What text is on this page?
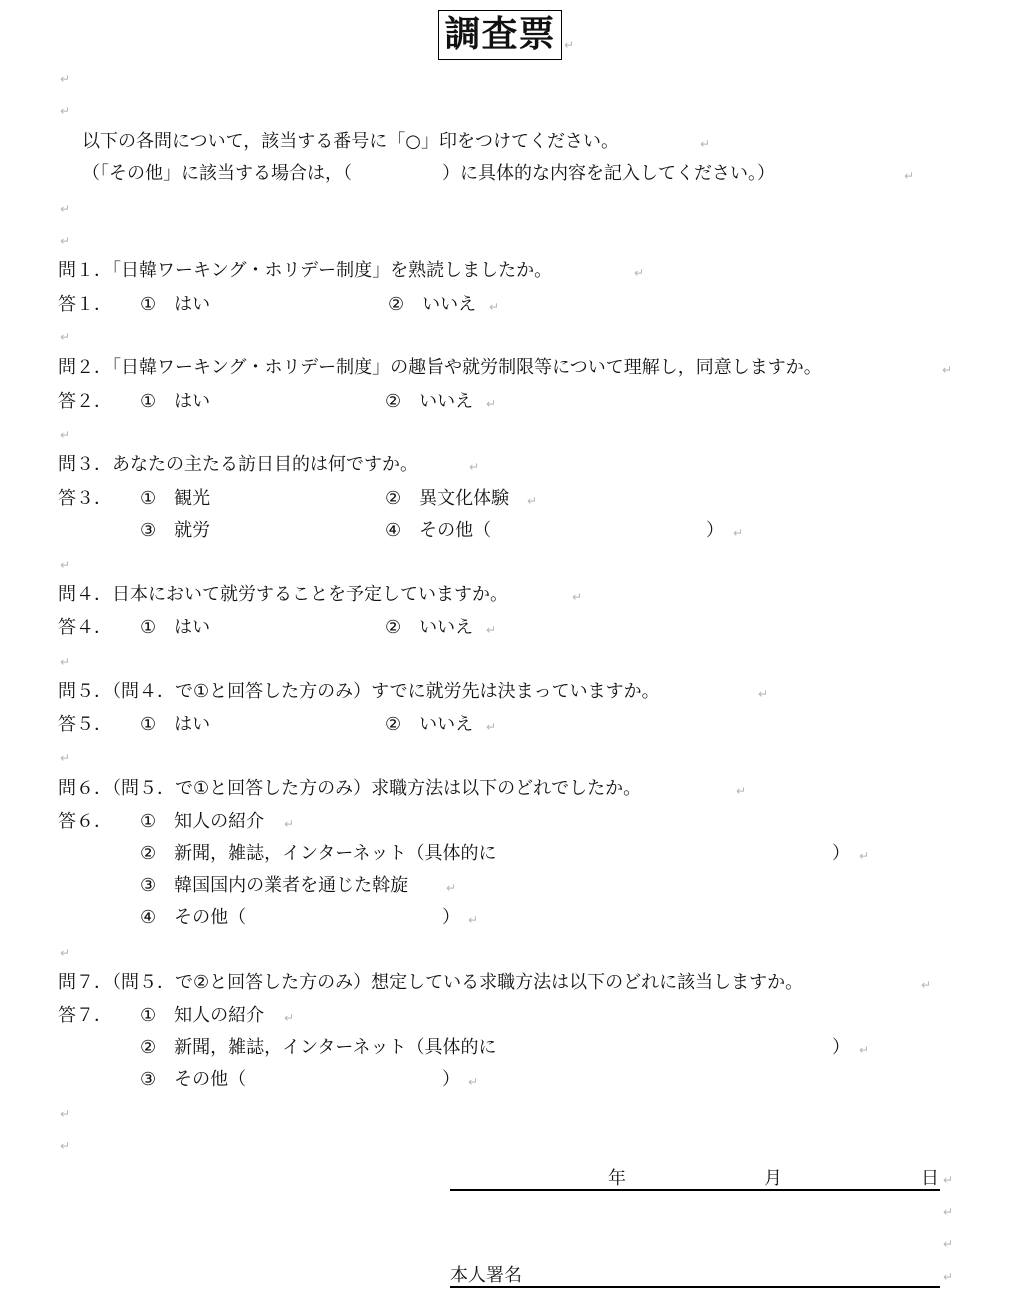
調査票 ↵
↵
↵
以下の各問について，該当する番号に「○」印をつけてください。	↵
（「その他」に該当する場合は，（　　　　　）に具体的な内容を記入してください。）	↵
↵
↵
問１．「日韓ワーキング・ホリデー制度」を熟読しましたか。	↵
答１． ①　はい	②　いいえ ↵
↵
問２．「日韓ワーキング・ホリデー制度」の趣旨や就労制限等について理解し，同意しますか。	↵
答２． ①　はい	②　いいえ ↵
↵
問３．あなたの主たる訪日目的は何ですか。	↵
答３． ①　観光	②　異文化体験 ↵
③　就労	④　その他（	） ↵
↵
問４．日本において就労することを予定していますか。	↵
答４． ①　はい	②　いいえ ↵
↵
問５．（問４．で①と回答した方のみ）すでに就労先は決まっていますか。	↵
答５． ①　はい	②　いいえ ↵
↵
問６．（問５．で①と回答した方のみ）求職方法は以下のどれでしたか。	↵
答６． ①　知人の紹介 ↵
②　新聞，雑誌，インターネット（具体的に	） ↵
③　韓国国内の業者を通じた斡旋	↵
④　その他（	） ↵
↵
問７．（問５．で②と回答した方のみ）想定している求職方法は以下のどれに該当しますか。	↵
答７． ①　知人の紹介 ↵
②　新聞，雑誌，インターネット（具体的に	） ↵
③　その他（	） ↵
↵
↵
年	月	日 ↵
↵
↵
本人署名	↵
